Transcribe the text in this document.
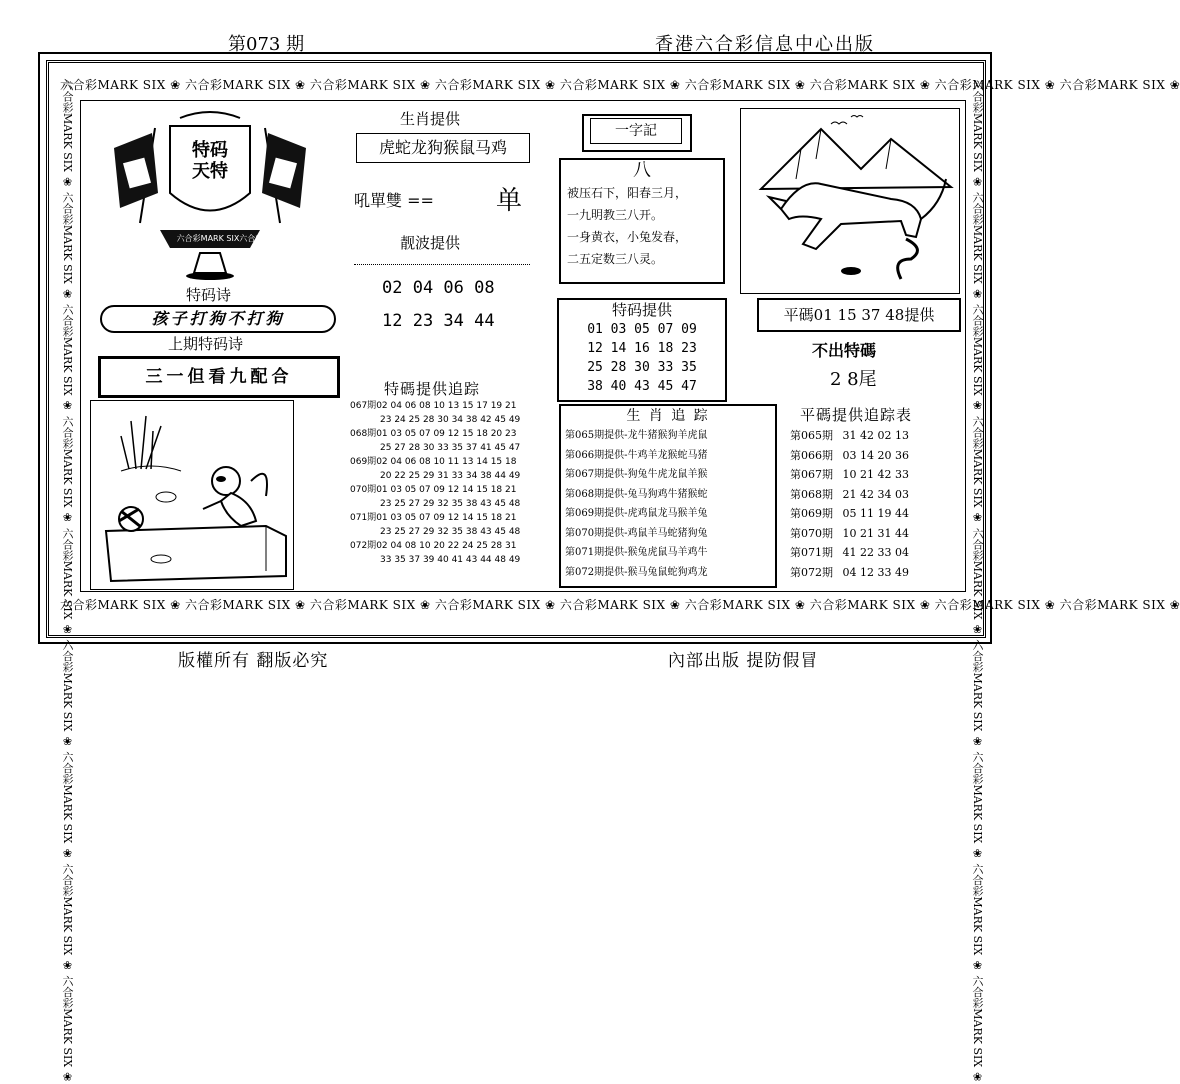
第073 期	香港六合彩信息中心出版
六合彩MARK SIX ❀ 六合彩MARK SIX ❀ 六合彩MARK SIX ❀ 六合彩MARK SIX ❀ 六合彩MARK SIX ❀ 六合彩MARK SIX ❀ 六合彩MARK SIX ❀ 六合彩MARK SIX ❀ 六合彩MARK SIX ❀
六合彩MARK SIX ❀ 六合彩MARK SIX ❀ 六合彩MARK SIX ❀ 六合彩MARK SIX ❀ 六合彩MARK SIX ❀ 六合彩MARK SIX ❀ 六合彩MARK SIX ❀ 六合彩MARK SIX ❀ 六合彩MARK SIX ❀
六合彩MARK SIX ❀ 六合彩MARK SIX ❀ 六合彩MARK SIX ❀ 六合彩MARK SIX ❀ 六合彩MARK SIX ❀ 六合彩MARK SIX ❀ 六合彩MARK SIX ❀ 六合彩MARK SIX ❀ 六合彩MARK SIX ❀	六合彩MARK SIX ❀ 六合彩MARK SIX ❀ 六合彩MARK SIX ❀ 六合彩MARK SIX ❀ 六合彩MARK SIX ❀ 六合彩MARK SIX ❀ 六合彩MARK SIX ❀ 六合彩MARK SIX ❀ 六合彩MARK SIX ❀
特码天特
六合彩MARK SIX六合彩
特码诗
孩子打狗不打狗
上期特码诗
三一但看九配合
生肖提供
虎蛇龙狗猴鼠马鸡
吼單雙 == 单
靓波提供
02 04 06 08
12 23 34 44
一字記
八
被压石下，阳春三月，
一九明教三八开。
一身黄衣，小兔发春，
二五定数三八灵。
特码提供
01 03 05 07 09
12 14 16 18 23
25 28 30 33 35
38 40 43 45 47
平碼01 15 37 48提供
不出特碼
2 8尾
特碼提供追踪
067期02 04 06 08 10 13 15 17 19 21
23 24 25 28 30 34 38 42 45 49
068期01 03 05 07 09 12 15 18 20 23
25 27 28 30 33 35 37 41 45 47
069期02 04 06 08 10 11 13 14 15 18
20 22 25 29 31 33 34 38 44 49
070期01 03 05 07 09 12 14 15 18 21
23 25 27 29 32 35 38 43 45 48
071期01 03 05 07 09 12 14 15 18 21
23 25 27 29 32 35 38 43 45 48
072期02 04 08 10 20 22 24 25 28 31
33 35 37 39 40 41 43 44 48 49
生 肖 追 踪
第065期提供-龙牛猪猴狗羊虎鼠
第066期提供-牛鸡羊龙猴蛇马猪
第067期提供-狗兔牛虎龙鼠羊猴
第068期提供-兔马狗鸡牛猪猴蛇
第069期提供-虎鸡鼠龙马猴羊兔
第070期提供-鸡鼠羊马蛇猪狗兔
第071期提供-猴兔虎鼠马羊鸡牛
第072期提供-猴马兔鼠蛇狗鸡龙
平碼提供追踪表
第065期 31 42 02 13
第066期 03 14 20 36
第067期 10 21 42 33
第068期 21 42 34 03
第069期 05 11 19 44
第070期 10 21 31 44
第071期 41 22 33 04
第072期 04 12 33 49
版權所有 翻版必究	內部出版 提防假冒
